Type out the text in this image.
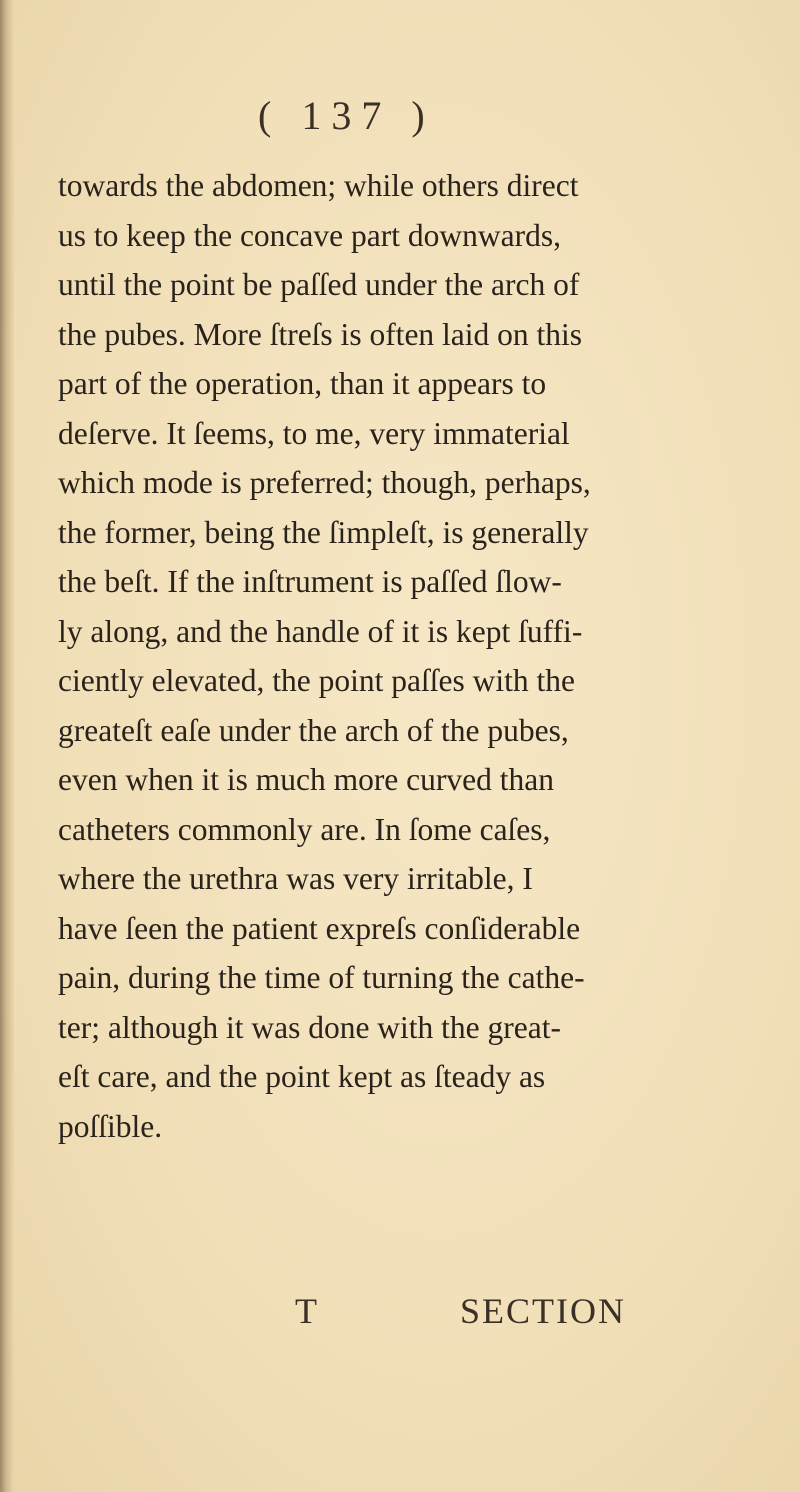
( 137 )
towards the abdomen; while others direct
us to keep the concave part downwards,
until the point be paſſed under the arch of
the pubes. More ſtreſs is often laid on this
part of the operation, than it appears to
deſerve. It ſeems, to me, very immaterial
which mode is preferred; though, perhaps,
the former, being the ſimpleſt, is generally
the beſt. If the inſtrument is paſſed ſlow-
ly along, and the handle of it is kept ſuffi-
ciently elevated, the point paſſes with the
greateſt eaſe under the arch of the pubes,
even when it is much more curved than
catheters commonly are. In ſome caſes,
where the urethra was very irritable, I
have ſeen the patient expreſs conſiderable
pain, during the time of turning the cathe-
ter; although it was done with the great-
eſt care, and the point kept as ſteady as
poſſible.
T	SECTION
